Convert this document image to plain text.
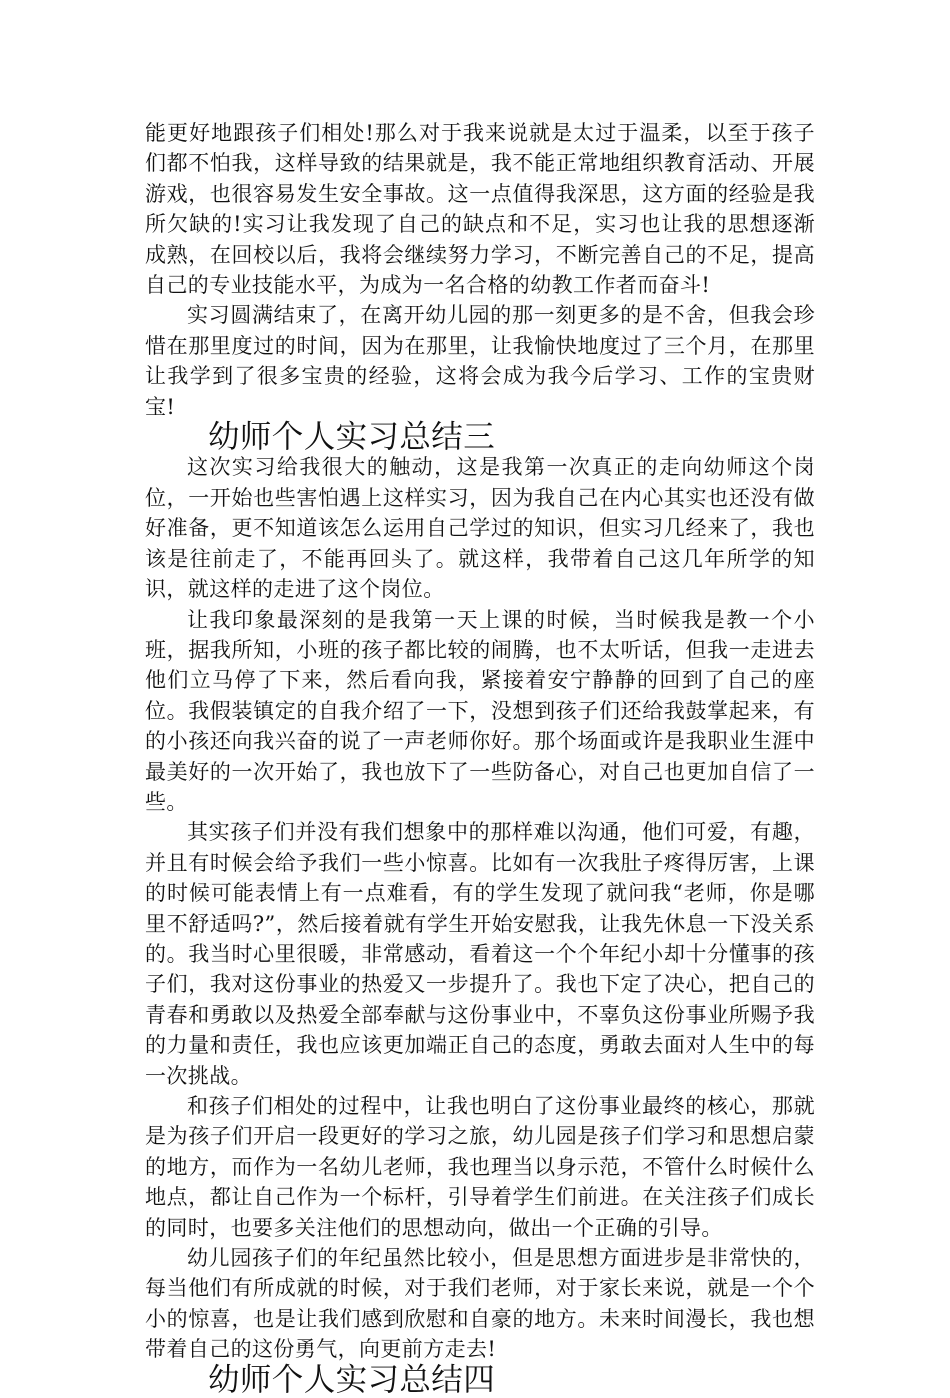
能更好地跟孩子们相处!那么对于我来说就是太过于温柔，以至于孩子们都不怕我，这样导致的结果就是，我不能正常地组织教育活动、开展游戏，也很容易发生安全事故。这一点值得我深思，这方面的经验是我所欠缺的!实习让我发现了自己的缺点和不足，实习也让我的思想逐渐成熟，在回校以后，我将会继续努力学习，不断完善自己的不足，提高自己的专业技能水平，为成为一名合格的幼教工作者而奋斗!

实习圆满结束了，在离开幼儿园的那一刻更多的是不舍，但我会珍惜在那里度过的时间，因为在那里，让我愉快地度过了三个月，在那里让我学到了很多宝贵的经验，这将会成为我今后学习、工作的宝贵财宝!

幼师个人实习总结三

这次实习给我很大的触动，这是我第一次真正的走向幼师这个岗位，一开始也些害怕遇上这样实习，因为我自己在内心其实也还没有做好准备，更不知道该怎么运用自己学过的知识，但实习几经来了，我也该是往前走了，不能再回头了。就这样，我带着自己这几年所学的知识，就这样的走进了这个岗位。

让我印象最深刻的是我第一天上课的时候，当时候我是教一个小班，据我所知，小班的孩子都比较的闹腾，也不太听话，但我一走进去他们立马停了下来，然后看向我，紧接着安宁静静的回到了自己的座位。我假装镇定的自我介绍了一下，没想到孩子们还给我鼓掌起来，有的小孩还向我兴奋的说了一声老师你好。那个场面或许是我职业生涯中最美好的一次开始了，我也放下了一些防备心，对自己也更加自信了一些。

其实孩子们并没有我们想象中的那样难以沟通，他们可爱，有趣，并且有时候会给予我们一些小惊喜。比如有一次我肚子疼得厉害，上课的时候可能表情上有一点难看，有的学生发现了就问我“老师，你是哪里不舒适吗?”，然后接着就有学生开始安慰我，让我先休息一下没关系的。我当时心里很暖，非常感动，看着这一个个年纪小却十分懂事的孩子们，我对这份事业的热爱又一步提升了。我也下定了决心，把自己的青春和勇敢以及热爱全部奉献与这份事业中，不辜负这份事业所赐予我的力量和责任，我也应该更加端正自己的态度，勇敢去面对人生中的每一次挑战。

和孩子们相处的过程中，让我也明白了这份事业最终的核心，那就是为孩子们开启一段更好的学习之旅，幼儿园是孩子们学习和思想启蒙的地方，而作为一名幼儿老师，我也理当以身示范，不管什么时候什么地点，都让自己作为一个标杆，引导着学生们前进。在关注孩子们成长的同时，也要多关注他们的思想动向，做出一个正确的引导。

幼儿园孩子们的年纪虽然比较小，但是思想方面进步是非常快的，每当他们有所成就的时候，对于我们老师，对于家长来说，就是一个个小的惊喜，也是让我们感到欣慰和自豪的地方。未来时间漫长，我也想带着自己的这份勇气，向更前方走去!

幼师个人实习总结四
